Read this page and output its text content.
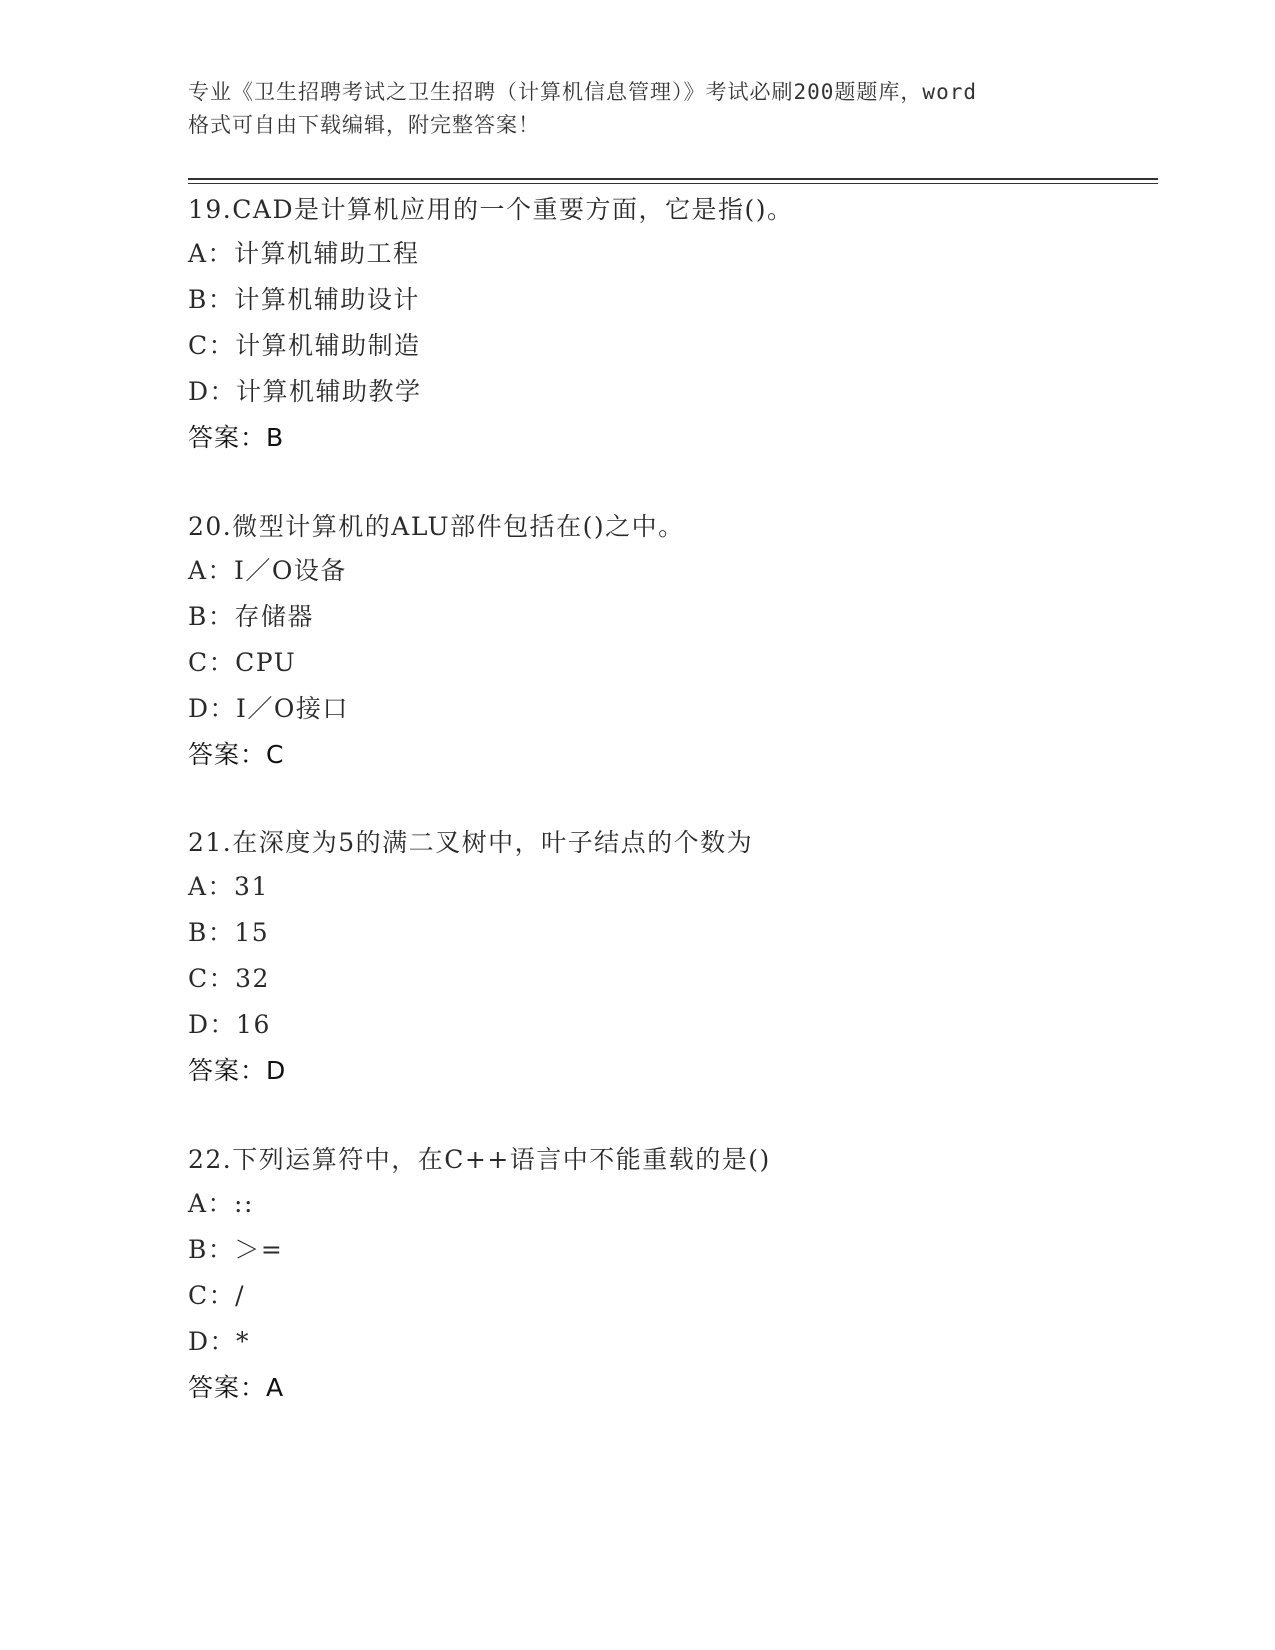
专业《卫生招聘考试之卫生招聘（计算机信息管理）》考试必刷200题题库，word
格式可自由下载编辑，附完整答案！
19.CAD是计算机应用的一个重要方面，它是指()。
A：计算机辅助工程
B：计算机辅助设计
C：计算机辅助制造
D：计算机辅助教学
答案：B
20.微型计算机的ALU部件包括在()之中。
A：I／O设备
B：存储器
C：CPU
D：I／O接口
答案：C
21.在深度为5的满二叉树中，叶子结点的个数为
A：31
B：15
C：32
D：16
答案：D
22.下列运算符中，在C++语言中不能重载的是()
A：::
B：＞=
C：/
D：*
答案：A
